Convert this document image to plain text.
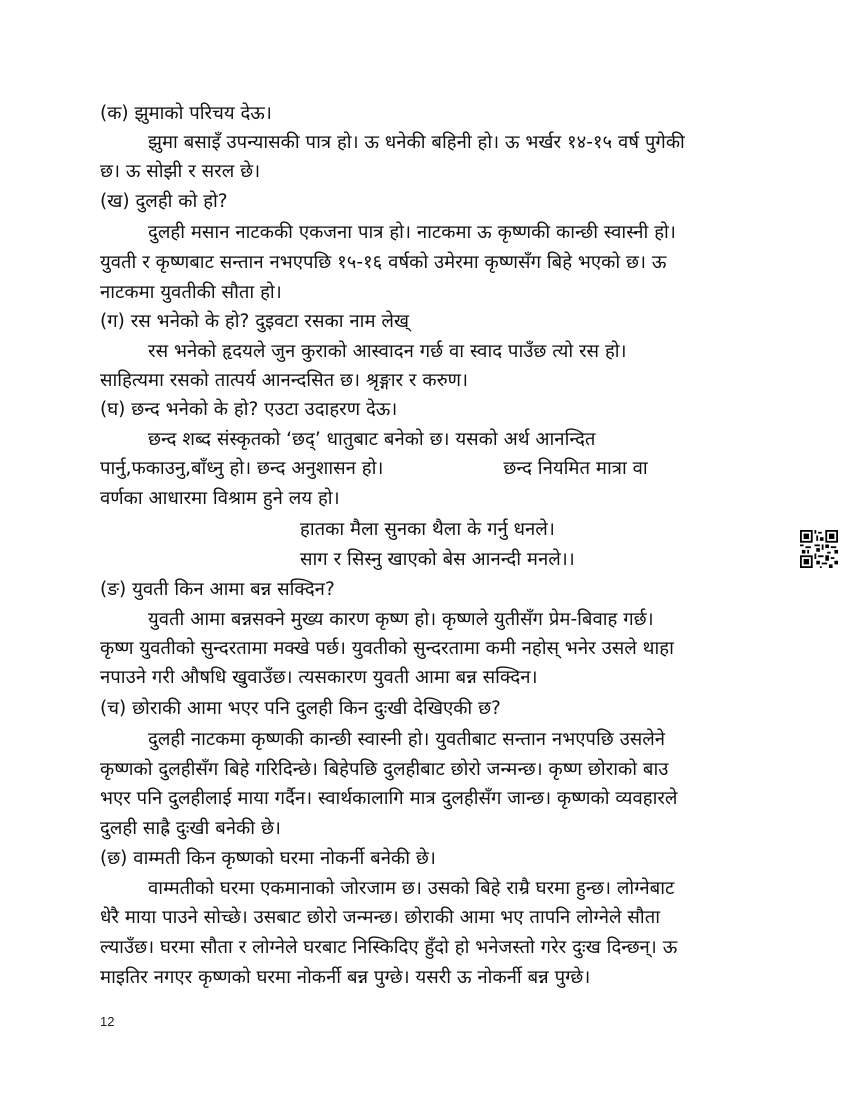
(क) झुमाको परिचय देऊ।
झुमा बसाइँ उपन्यासकी पात्र हो। ऊ धनेकी बहिनी हो। ऊ भर्खर १४-१५ वर्ष पुगेकी
छ। ऊ सोझी र सरल छे।
(ख) दुलही को हो?
दुलही मसान नाटककी एकजना पात्र हो। नाटकमा ऊ कृष्णकी कान्छी स्वास्नी हो।
युवती र कृष्णबाट सन्तान नभएपछि १५-१६ वर्षको उमेरमा कृष्णसँग बिहे भएको छ। ऊ
नाटकमा युवतीकी सौता हो।
(ग) रस भनेको के हो? दुइवटा रसका नाम लेख्
रस भनेको हृदयले जुन कुराको आस्वादन गर्छ वा स्वाद पाउँछ त्यो रस हो।
साहित्यमा रसको तात्पर्य आनन्दसित छ। श्रृङ्गार र करुण।
(घ) छन्द भनेको के हो? एउटा उदाहरण देऊ।
छन्द शब्द संस्कृतको ‘छद्’ धातुबाट बनेको छ। यसको अर्थ आनन्दित
पार्नु,फकाउनु,बाँध्नु हो। छन्द अनुशासन हो।	छन्द नियमित मात्रा वा
वर्णका आधारमा विश्राम हुने लय हो।
हातका मैला सुनका थैला के गर्नु धनले।
साग र सिस्नु खाएको बेस आनन्दी मनले।।
(ङ) युवती किन आमा बन्न सक्दिन?
युवती आमा बन्नसक्ने मुख्य कारण कृष्ण हो। कृष्णले युतीसँग प्रेम-बिवाह गर्छ।
कृष्ण युवतीको सुन्दरतामा मक्खे पर्छ। युवतीको सुन्दरतामा कमी नहोस् भनेर उसले थाहा
नपाउने गरी औषधि खुवाउँछ। त्यसकारण युवती आमा बन्न सक्दिन।
(च) छोराकी आमा भएर पनि दुलही किन दुःखी देखिएकी छ?
दुलही नाटकमा कृष्णकी कान्छी स्वास्नी हो। युवतीबाट सन्तान नभएपछि उसलेने
कृष्णको दुलहीसँग बिहे गरिदिन्छे। बिहेपछि दुलहीबाट छोरो जन्मन्छ। कृष्ण छोराको बाउ
भएर पनि दुलहीलाई माया गर्दैन। स्वार्थकालागि मात्र दुलहीसँग जान्छ। कृष्णको व्यवहारले
दुलही साह्रै दुःखी बनेकी छे।
(छ) वाम्मती किन कृष्णको घरमा नोकर्नी बनेकी छे।
वाम्मतीको घरमा एकमानाको जोरजाम छ। उसको बिहे राम्रै घरमा हुन्छ। लोग्नेबाट
धेरै माया पाउने सोच्छे। उसबाट छोरो जन्मन्छ। छोराकी आमा भए तापनि लोग्नेले सौता
ल्याउँछ। घरमा सौता र लोग्नेले घरबाट निस्किदिए हुँदो हो भनेजस्तो गरेर दुःख दिन्छन्। ऊ
माइतिर नगएर कृष्णको घरमा नोकर्नी बन्न पुग्छे। यसरी ऊ नोकर्नी बन्न पुग्छे।
12
